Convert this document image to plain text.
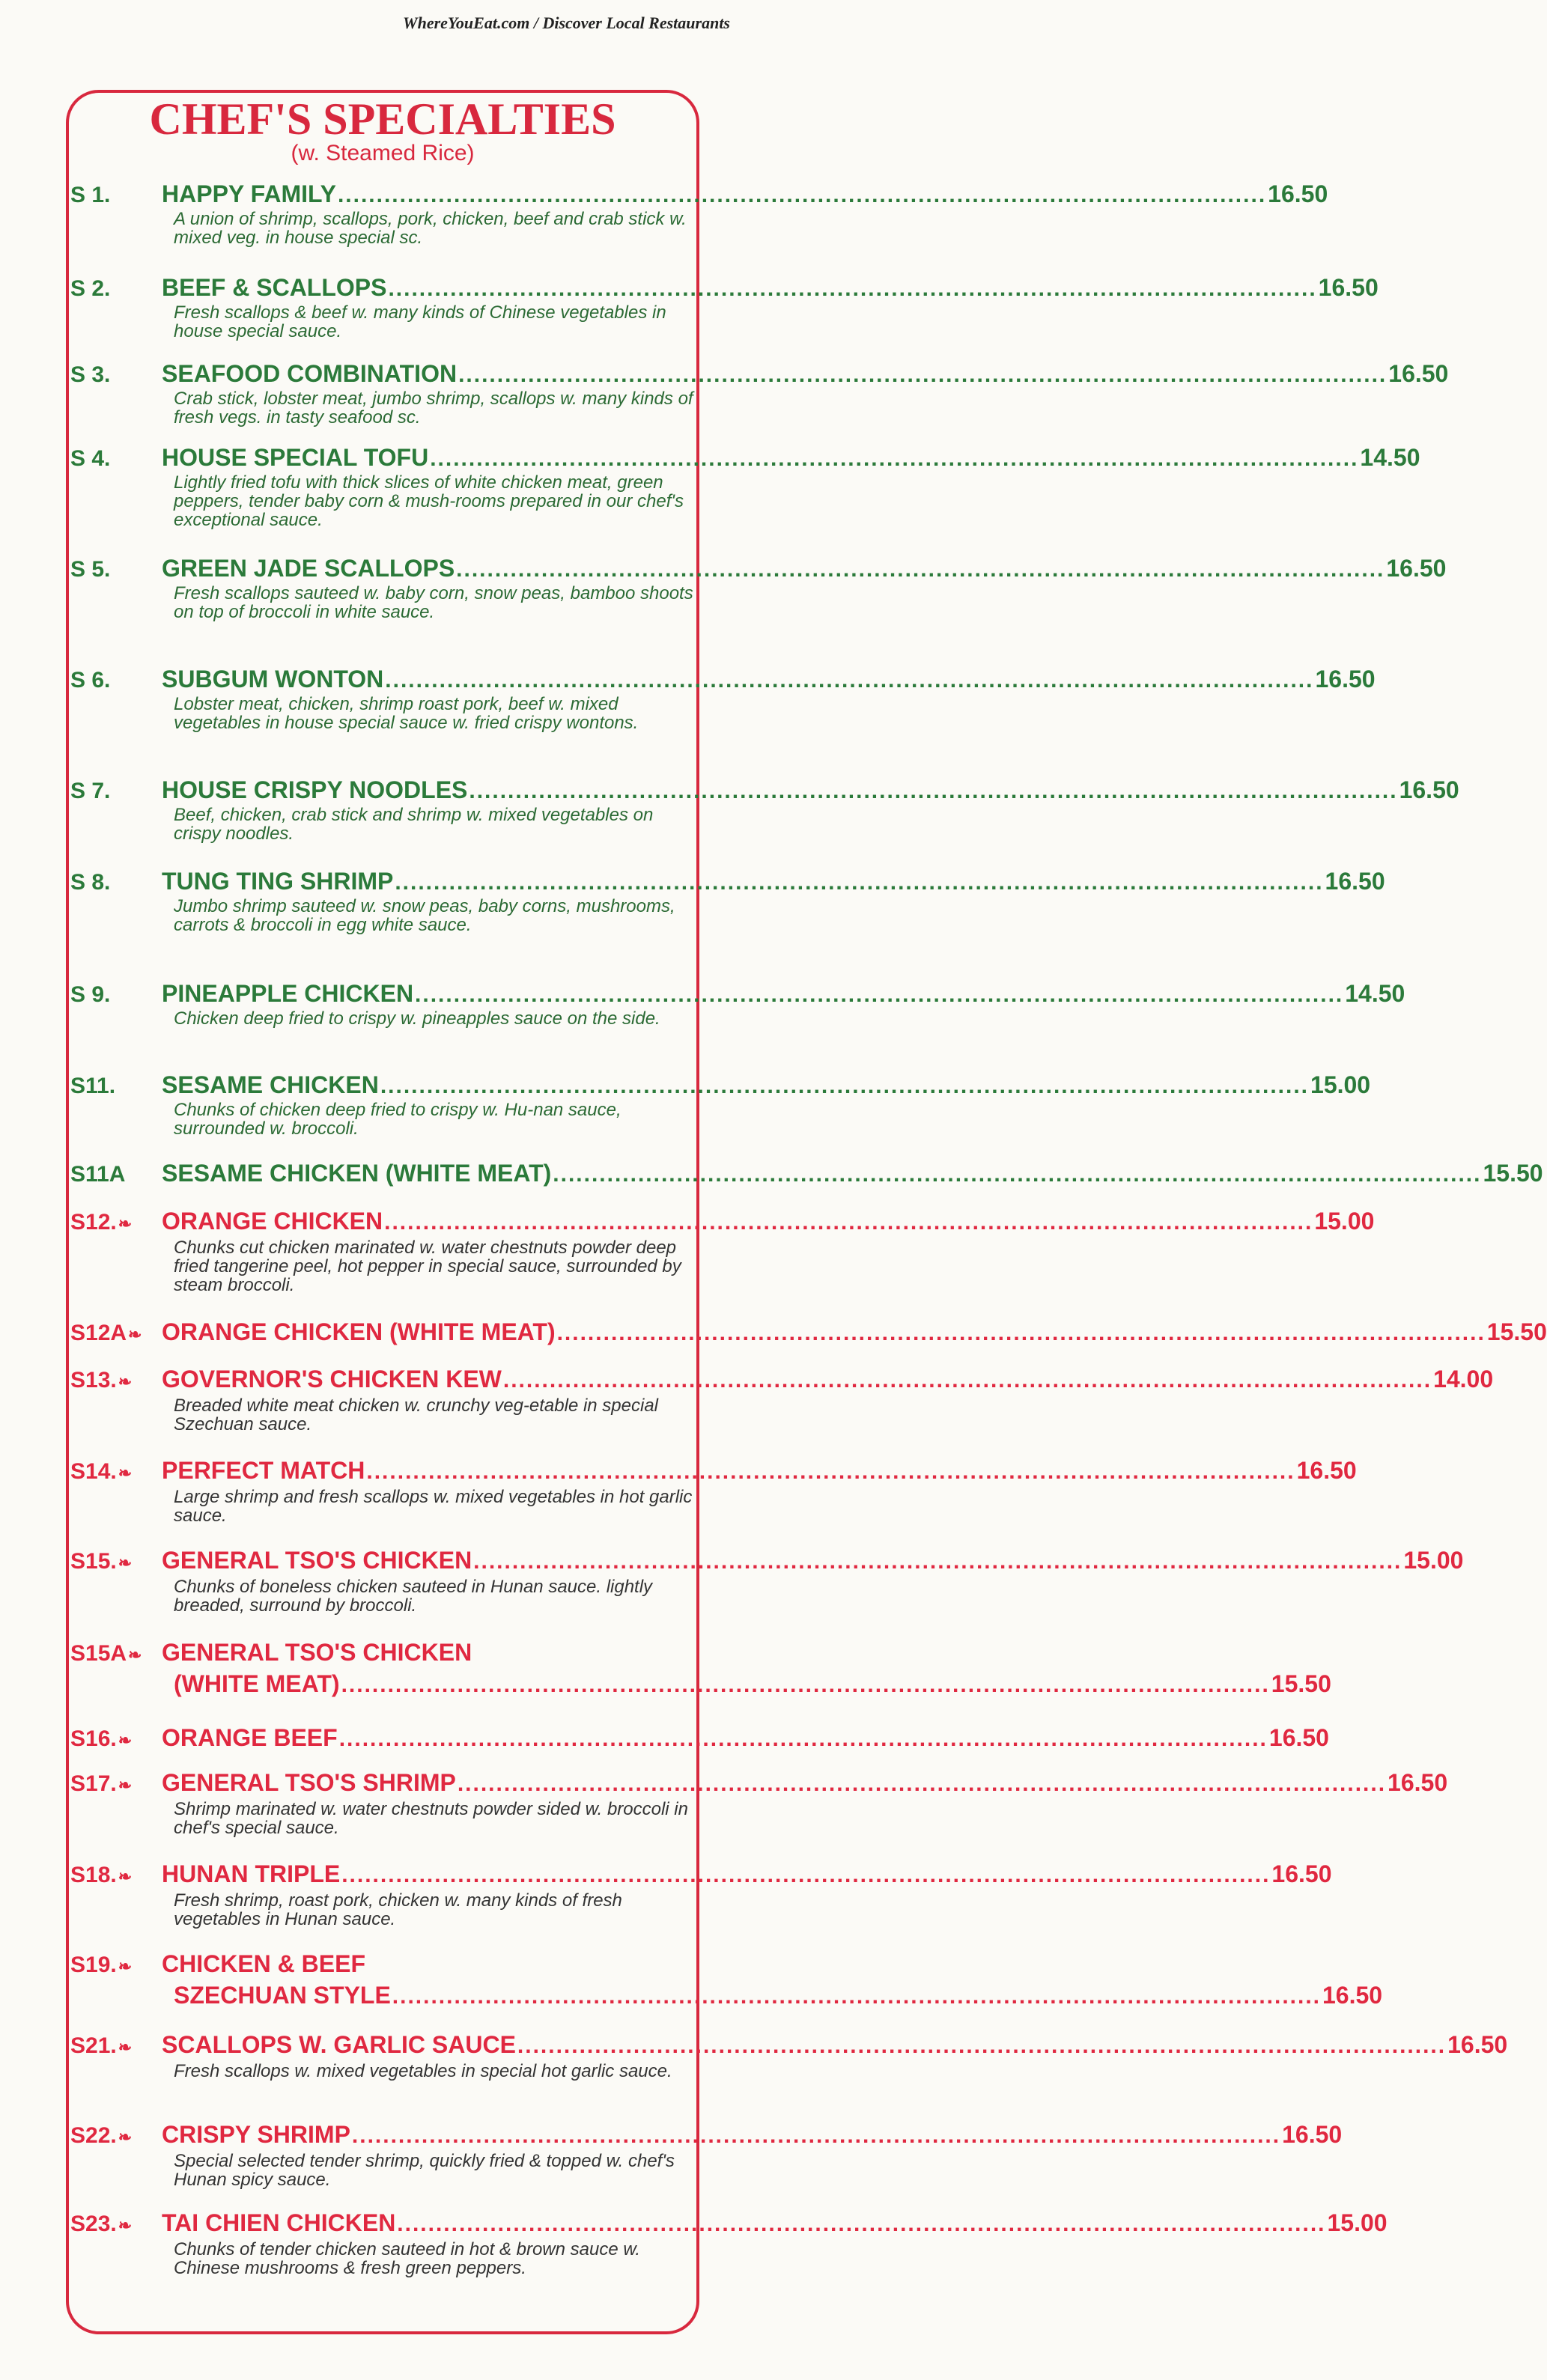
WhereYouEat.com / Discover Local Restaurants
CHEF'S SPECIALTIES
(w. Steamed Rice)
S 1.	HAPPY FAMILY ........................................................................................................................ 16.50
A union of shrimp, scallops, pork, chicken, beef and crab stick w. mixed veg. in house special sc.
S 2.	BEEF & SCALLOPS ........................................................................................................................ 16.50
Fresh scallops & beef w. many kinds of Chinese vegetables in house special sauce.
S 3.	SEAFOOD COMBINATION ........................................................................................................................ 16.50
Crab stick, lobster meat, jumbo shrimp, scallops w. many kinds of fresh vegs. in tasty seafood sc.
S 4.	HOUSE SPECIAL TOFU ........................................................................................................................ 14.50
Lightly fried tofu with thick slices of white chicken meat, green peppers, tender baby corn & mush-rooms prepared in our chef's exceptional sauce.
S 5.	GREEN JADE SCALLOPS ........................................................................................................................ 16.50
Fresh scallops sauteed w. baby corn, snow peas, bamboo shoots on top of broccoli in white sauce.
S 6.	SUBGUM WONTON ........................................................................................................................ 16.50
Lobster meat, chicken, shrimp roast pork, beef w. mixed vegetables in house special sauce w. fried crispy wontons.
S 7.	HOUSE CRISPY NOODLES ........................................................................................................................ 16.50
Beef, chicken, crab stick and shrimp w. mixed vegetables on crispy noodles.
S 8.	TUNG TING SHRIMP ........................................................................................................................ 16.50
Jumbo shrimp sauteed w. snow peas, baby corns, mushrooms, carrots & broccoli in egg white sauce.
S 9.	PINEAPPLE CHICKEN ........................................................................................................................ 14.50
Chicken deep fried to crispy w. pineapples sauce on the side.
S11.	SESAME CHICKEN ........................................................................................................................ 15.00
Chunks of chicken deep fried to crispy w. Hu-nan sauce, surrounded w. broccoli.
S11A	SESAME CHICKEN (WHITE MEAT) ........................................................................................................................ 15.50
S12.❧	ORANGE CHICKEN ........................................................................................................................ 15.00
Chunks cut chicken marinated w. water chestnuts powder deep fried tangerine peel, hot pepper in special sauce, surrounded by steam broccoli.
S12A❧ ORANGE CHICKEN (WHITE MEAT) ........................................................................................................................ 15.50
S13.❧	GOVERNOR'S CHICKEN KEW ........................................................................................................................ 14.00
Breaded white meat chicken w. crunchy veg-etable in special Szechuan sauce.
S14.❧	PERFECT MATCH ........................................................................................................................ 16.50
Large shrimp and fresh scallops w. mixed vegetables in hot garlic sauce.
S15.❧	GENERAL TSO'S CHICKEN ........................................................................................................................ 15.00
Chunks of boneless chicken sauteed in Hunan sauce. lightly breaded, surround by broccoli.
S15A❧ GENERAL TSO'S CHICKEN
(WHITE MEAT) ........................................................................................................................ 15.50
S16.❧	ORANGE BEEF ........................................................................................................................ 16.50
S17.❧	GENERAL TSO'S SHRIMP ........................................................................................................................ 16.50
Shrimp marinated w. water chestnuts powder sided w. broccoli in chef's special sauce.
S18.❧	HUNAN TRIPLE ........................................................................................................................ 16.50
Fresh shrimp, roast pork, chicken w. many kinds of fresh vegetables in Hunan sauce.
S19.❧	CHICKEN & BEEF
SZECHUAN STYLE ........................................................................................................................ 16.50
S21.❧	SCALLOPS W. GARLIC SAUCE ........................................................................................................................ 16.50
Fresh scallops w. mixed vegetables in special hot garlic sauce.
S22.❧	CRISPY SHRIMP ........................................................................................................................ 16.50
Special selected tender shrimp, quickly fried & topped w. chef's Hunan spicy sauce.
S23.❧	TAI CHIEN CHICKEN ........................................................................................................................ 15.00
Chunks of tender chicken sauteed in hot & brown sauce w. Chinese mushrooms & fresh green peppers.
